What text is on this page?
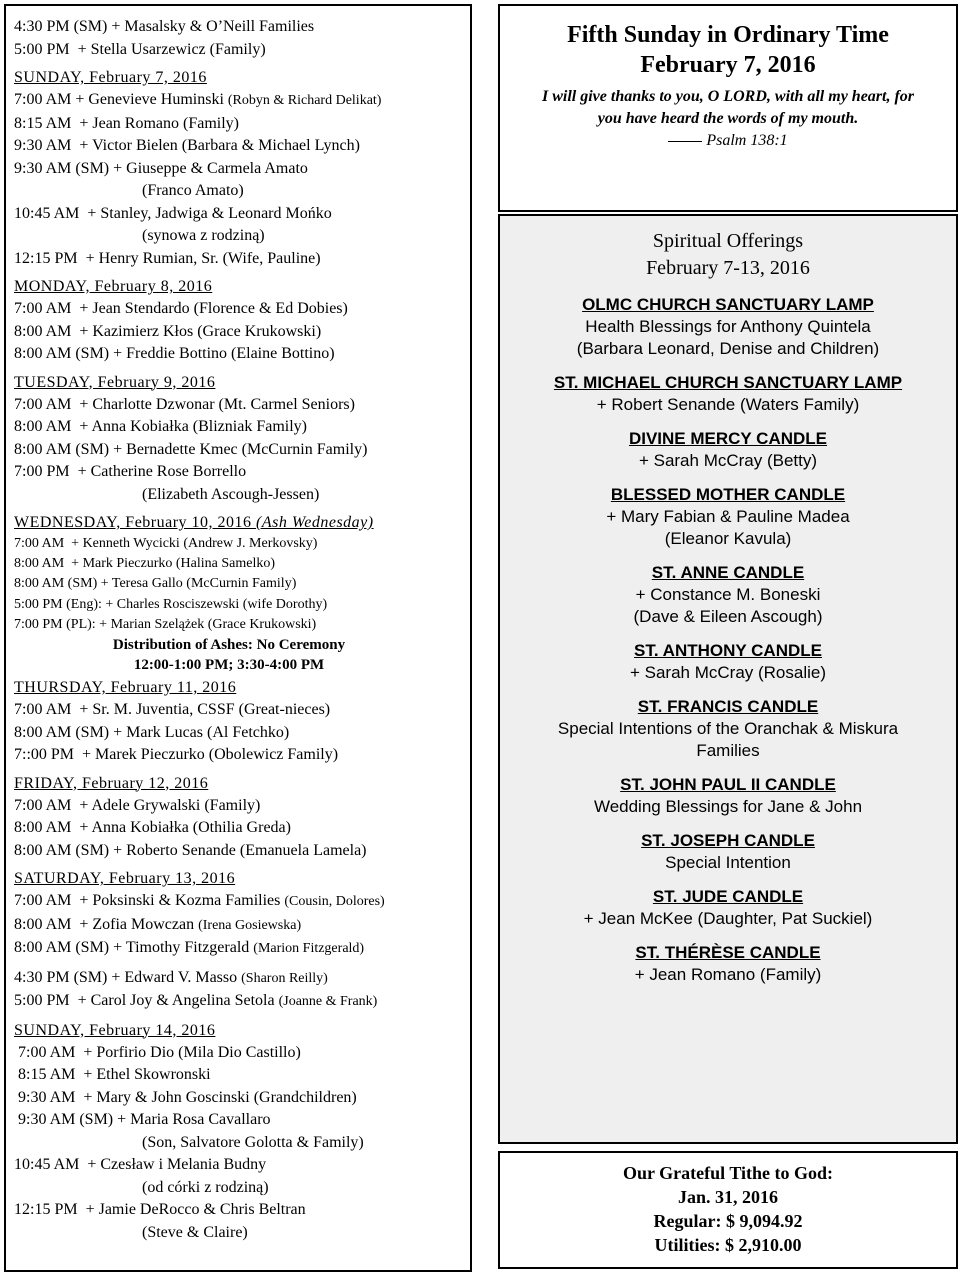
4:30 PM (SM) + Masalsky & O’Neill Families
5:00 PM  + Stella Usarzewicz (Family)
SUNDAY, February 7, 2016
7:00 AM + Genevieve Huminski (Robyn & Richard Delikat)
8:15 AM  + Jean Romano (Family)
9:30 AM  + Victor Bielen (Barbara & Michael Lynch)
9:30 AM (SM) + Giuseppe & Carmela Amato
(Franco Amato)
10:45 AM  + Stanley, Jadwiga & Leonard Mońko
(synowa z rodziną)
12:15 PM  + Henry Rumian, Sr. (Wife, Pauline)
MONDAY, February 8, 2016
7:00 AM  + Jean Stendardo (Florence & Ed Dobies)
8:00 AM  + Kazimierz Kłos (Grace Krukowski)
8:00 AM (SM) + Freddie Bottino (Elaine Bottino)
TUESDAY, February 9, 2016
7:00 AM  + Charlotte Dzwonar (Mt. Carmel Seniors)
8:00 AM  + Anna Kobiałka (Blizniak Family)
8:00 AM (SM) + Bernadette Kmec (McCurnin Family)
7:00 PM  + Catherine Rose Borrello
(Elizabeth Ascough-Jessen)
WEDNESDAY, February 10, 2016 (Ash Wednesday)
7:00 AM  + Kenneth Wycicki (Andrew J. Merkovsky)
8:00 AM  + Mark Pieczurko (Halina Samelko)
8:00 AM (SM) + Teresa Gallo (McCurnin Family)
5:00 PM (Eng): + Charles Rosciszewski (wife Dorothy)
7:00 PM (PL): + Marian Szelążek (Grace Krukowski)
Distribution of Ashes: No Ceremony
12:00-1:00 PM; 3:30-4:00 PM
THURSDAY, February 11, 2016
7:00 AM  + Sr. M. Juventia, CSSF (Great-nieces)
8:00 AM (SM) + Mark Lucas (Al Fetchko)
7::00 PM  + Marek Pieczurko (Obolewicz Family)
FRIDAY, February 12, 2016
7:00 AM  + Adele Grywalski (Family)
8:00 AM  + Anna Kobiałka (Othilia Greda)
8:00 AM (SM) + Roberto Senande (Emanuela Lamela)
SATURDAY, February 13, 2016
7:00 AM  + Poksinski & Kozma Families (Cousin, Dolores)
8:00 AM  + Zofia Mowczan (Irena Gosiewska)
8:00 AM (SM) + Timothy Fitzgerald (Marion Fitzgerald)
4:30 PM (SM) + Edward V. Masso (Sharon Reilly)
5:00 PM  + Carol Joy & Angelina Setola (Joanne & Frank)
SUNDAY, February 14, 2016
7:00 AM  + Porfirio Dio (Mila Dio Castillo)
8:15 AM  + Ethel Skowronski
9:30 AM  + Mary & John Goscinski (Grandchildren)
9:30 AM (SM) + Maria Rosa Cavallaro
(Son, Salvatore Golotta & Family)
10:45 AM  + Czesław i Melania Budny
(od córki z rodziną)
12:15 PM  + Jamie DeRocco & Chris Beltran
(Steve & Claire)
Fifth Sunday in Ordinary Time
February 7, 2016
I will give thanks to you, O LORD, with all my heart, for
you have heard the words of my mouth.
Psalm 138:1
Spiritual Offerings
February 7-13, 2016
OLMC CHURCH SANCTUARY LAMP
Health Blessings for Anthony Quintela
(Barbara Leonard, Denise and Children)
ST. MICHAEL CHURCH SANCTUARY LAMP
+ Robert Senande (Waters Family)
DIVINE MERCY CANDLE
+ Sarah McCray (Betty)
BLESSED MOTHER CANDLE
+ Mary Fabian & Pauline Madea
(Eleanor Kavula)
ST. ANNE CANDLE
+ Constance M. Boneski
(Dave & Eileen Ascough)
ST. ANTHONY CANDLE
+ Sarah McCray (Rosalie)
ST. FRANCIS CANDLE
Special Intentions of the Oranchak & Miskura
Families
ST. JOHN PAUL II CANDLE
Wedding Blessings for Jane & John
ST. JOSEPH CANDLE
Special Intention
ST. JUDE CANDLE
+ Jean McKee (Daughter, Pat Suckiel)
ST. THÉRÈSE CANDLE
+ Jean Romano (Family)
Our Grateful Tithe to God:
Jan. 31, 2016
Regular: $ 9,094.92
Utilities: $ 2,910.00
